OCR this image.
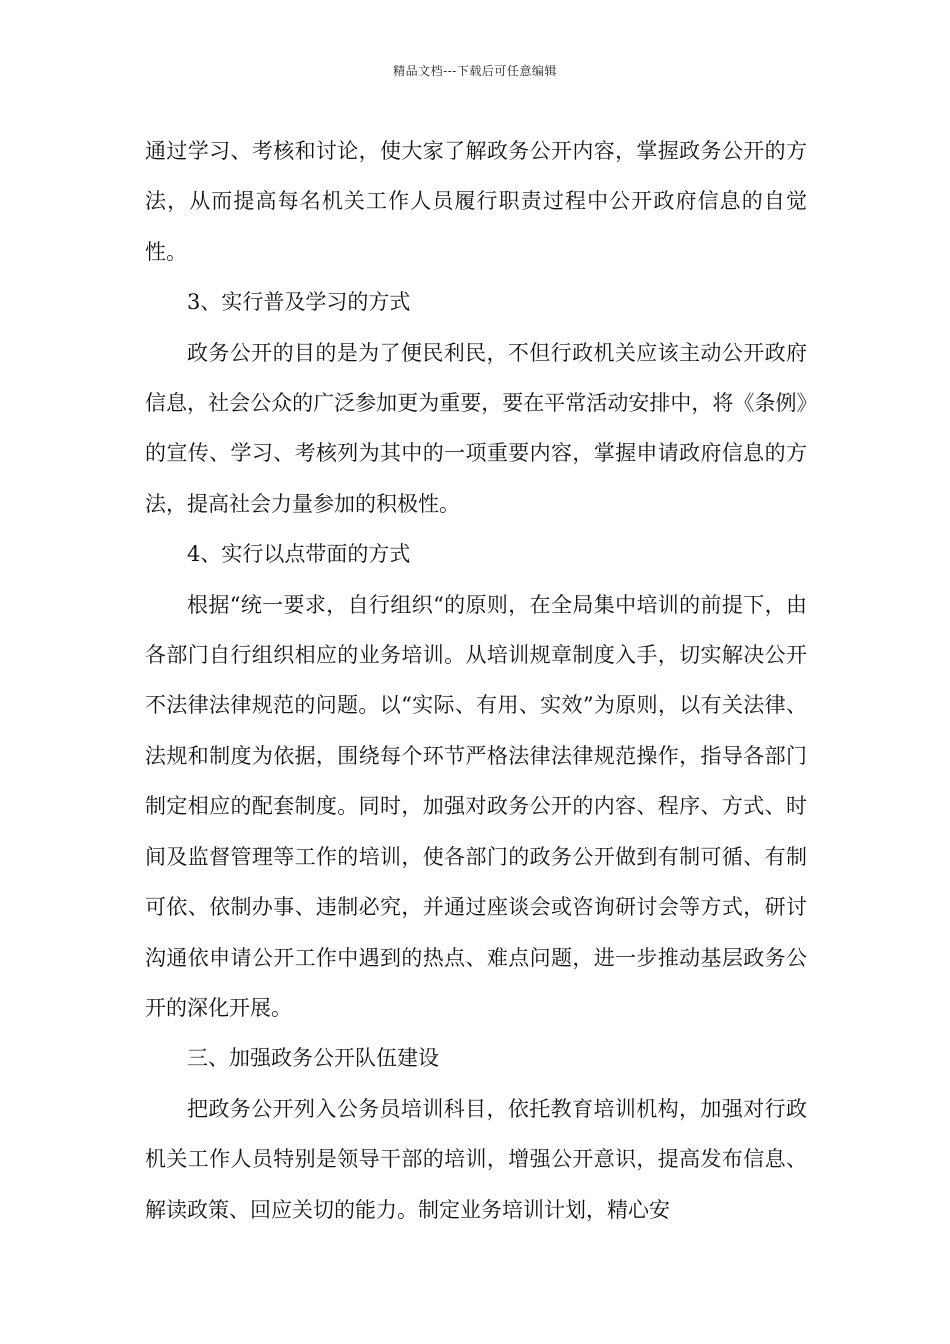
精品文档---下载后可任意编辑

通过学习、考核和讨论，使大家了解政务公开内容，掌握政务公开的方法，从而提高每名机关工作人员履行职责过程中公开政府信息的自觉性。

3、实行普及学习的方式

政务公开的目的是为了便民利民，不但行政机关应该主动公开政府信息，社会公众的广泛参加更为重要，要在平常活动安排中，将《条例》的宣传、学习、考核列为其中的一项重要内容，掌握申请政府信息的方法，提高社会力量参加的积极性。

4、实行以点带面的方式

根据“统一要求，自行组织“的原则，在全局集中培训的前提下，由各部门自行组织相应的业务培训。从培训规章制度入手，切实解决公开不法律法律规范的问题。以“实际、有用、实效”为原则，以有关法律、法规和制度为依据，围绕每个环节严格法律法律规范操作，指导各部门制定相应的配套制度。同时，加强对政务公开的内容、程序、方式、时间及监督管理等工作的培训，使各部门的政务公开做到有制可循、有制可依、依制办事、违制必究，并通过座谈会或咨询研讨会等方式，研讨沟通依申请公开工作中遇到的热点、难点问题，进一步推动基层政务公开的深化开展。

三、加强政务公开队伍建设

把政务公开列入公务员培训科目，依托教育培训机构，加强对行政机关工作人员特别是领导干部的培训，增强公开意识，提高发布信息、解读政策、回应关切的能力。制定业务培训计划，精心安
